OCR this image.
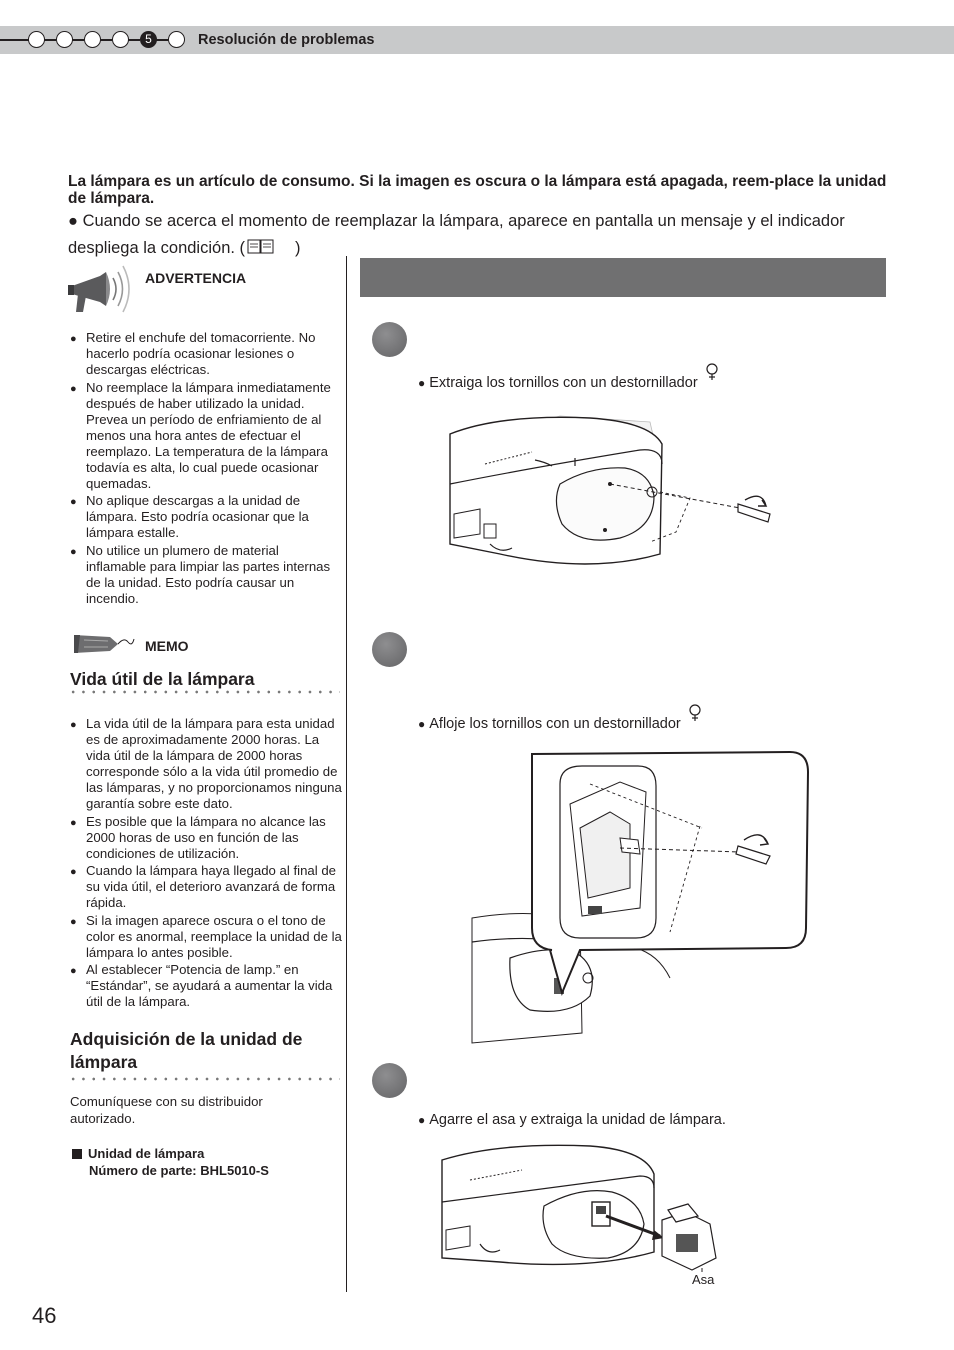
5	Resolución de problemas
La lámpara es un artículo de consumo. Si la imagen es oscura o la lámpara está apagada, reem-place la unidad de lámpara.
● Cuando se acerca el momento de reemplazar la lámpara, aparece en pantalla un mensaje y el indicador despliega la condición. (	)
ADVERTENCIA
● Retire el enchufe del tomacorriente. No hacerlo podría ocasionar lesiones o descargas eléctricas.
● No reemplace la lámpara inmediatamente después de haber utilizado la unidad. Prevea un período de enfriamiento de al menos una hora antes de efectuar el reemplazo. La temperatura de la lámpara todavía es alta, lo cual puede ocasionar quemadas.
● No aplique descargas a la unidad de lámpara. Esto podría ocasionar que la lámpara estalle.
● No utilice un plumero de material inflamable para limpiar las partes internas de la unidad. Esto podría causar un incendio.
MEMO
Vida útil de la lámpara
● La vida útil de la lámpara para esta unidad es de aproximadamente 2000 horas. La vida útil de la lámpara de 2000 horas corresponde sólo a la vida útil promedio de las lámparas, y no proporcionamos ninguna garantía sobre este dato.
● Es posible que la lámpara no alcance las 2000 horas de uso en función de las condiciones de utilización.
● Cuando la lámpara haya llegado al final de su vida útil, el deterioro avanzará de forma rápida.
● Si la imagen aparece oscura o el tono de color es anormal, reemplace la unidad de la lámpara lo antes posible.
● Al establecer “Potencia de lamp.” en “Estándar”, se ayudará a aumentar la vida útil de la lámpara.
Adquisición de la unidad de lámpara
Comuníquese con su distribuidor autorizado.
Unidad de lámpara
Número de parte: BHL5010-S
● Extraiga los tornillos con un destornillador
● Afloje los tornillos con un destornillador
● Agarre el asa y extraiga la unidad de lámpara.
Asa
46
